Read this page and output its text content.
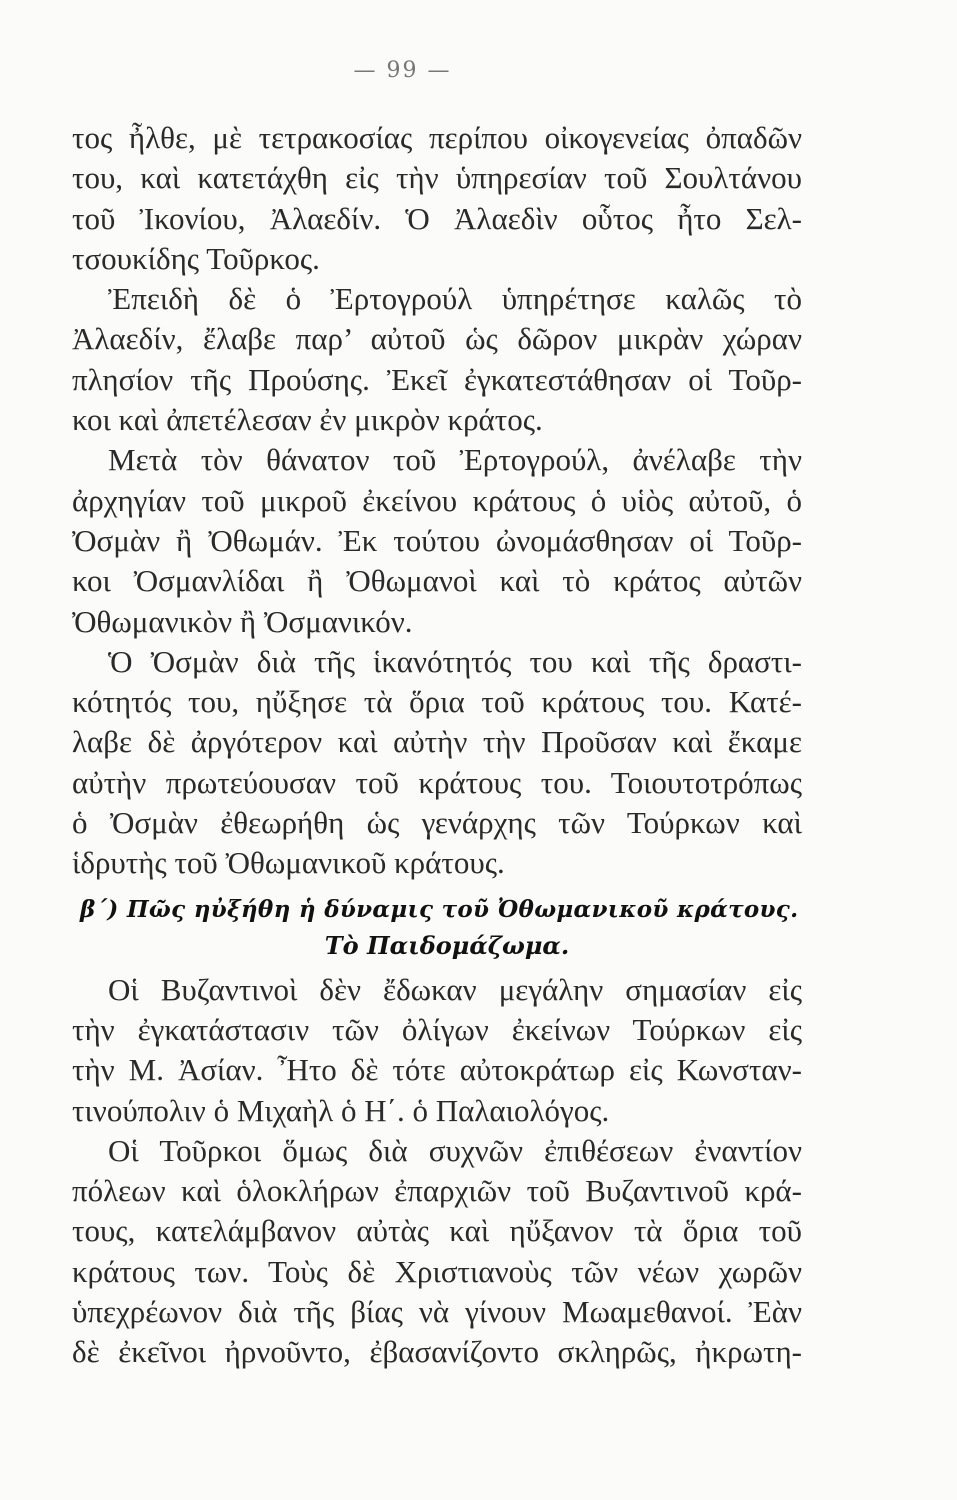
— 99 —
τος ἦλθε, μὲ τετρακοσίας περίπου οἰκογενείας ὀπαδῶν
του, καὶ κατετάχθη εἰς τὴν ὑπηρεσίαν τοῦ Σουλτάνου
τοῦ Ἰκονίου, Ἀλαεδίν. Ὁ Ἀλαεδὶν οὗτος ἦτο Σελ-
τσουκίδης Τοῦρκος.
Ἐπειδὴ δὲ ὁ Ἐρτογρούλ ὑπηρέτησε καλῶς τὸ
Ἀλαεδίν, ἔλαβε παρ’ αὐτοῦ ὡς δῶρον μικρὰν χώραν
πλησίον τῆς Προύσης. Ἐκεῖ ἐγκατεστάθησαν οἱ Τοῦρ-
κοι καὶ ἀπετέλεσαν ἐν μικρὸν κράτος.
Μετὰ τὸν θάνατον τοῦ Ἐρτογρούλ, ἀνέλαβε τὴν
ἀρχηγίαν τοῦ μικροῦ ἐκείνου κράτους ὁ υἱὸς αὐτοῦ, ὁ
Ὀσμὰν ἢ Ὀθωμάν. Ἐκ τούτου ὠνομάσθησαν οἱ Τοῦρ-
κοι Ὀσμανλίδαι ἢ Ὀθωμανοὶ καὶ τὸ κράτος αὐτῶν
Ὀθωμανικὸν ἢ Ὀσμανικόν.
Ὁ Ὀσμὰν διὰ τῆς ἱκανότητός του καὶ τῆς δραστι-
κότητός του, ηὔξησε τὰ ὅρια τοῦ κράτους του. Κατέ-
λαβε δὲ ἀργότερον καὶ αὐτὴν τὴν Προῦσαν καὶ ἔκαμε
αὐτὴν πρωτεύουσαν τοῦ κράτους του. Τοιουτοτρόπως
ὁ Ὀσμὰν ἐθεωρήθη ὡς γενάρχης τῶν Τούρκων καὶ
ἱδρυτὴς τοῦ Ὀθωμανικοῦ κράτους.
β΄) Πῶς ηὐξήθη ἡ δύναμις τοῦ Ὀθωμανικοῦ κράτους.
Τὸ Παιδομάζωμα.
Οἱ Βυζαντινοὶ δὲν ἔδωκαν μεγάλην σημασίαν εἰς
τὴν ἐγκατάστασιν τῶν ὀλίγων ἐκείνων Τούρκων εἰς
τὴν Μ. Ἀσίαν. Ἦτο δὲ τότε αὐτοκράτωρ εἰς Κωνσταν-
τινούπολιν ὁ Μιχαὴλ ὁ Η΄. ὁ Παλαιολόγος.
Οἱ Τοῦρκοι ὅμως διὰ συχνῶν ἐπιθέσεων ἐναντίον
πόλεων καὶ ὁλοκλήρων ἐπαρχιῶν τοῦ Βυζαντινοῦ κρά-
τους, κατελάμβανον αὐτὰς καὶ ηὔξανον τὰ ὅρια τοῦ
κράτους των. Τοὺς δὲ Χριστιανοὺς τῶν νέων χωρῶν
ὑπεχρέωνον διὰ τῆς βίας νὰ γίνουν Μωαμεθανοί. Ἐὰν
δὲ ἐκεῖνοι ἠρνοῦντο, ἐβασανίζοντο σκληρῶς, ἠκρωτη-
